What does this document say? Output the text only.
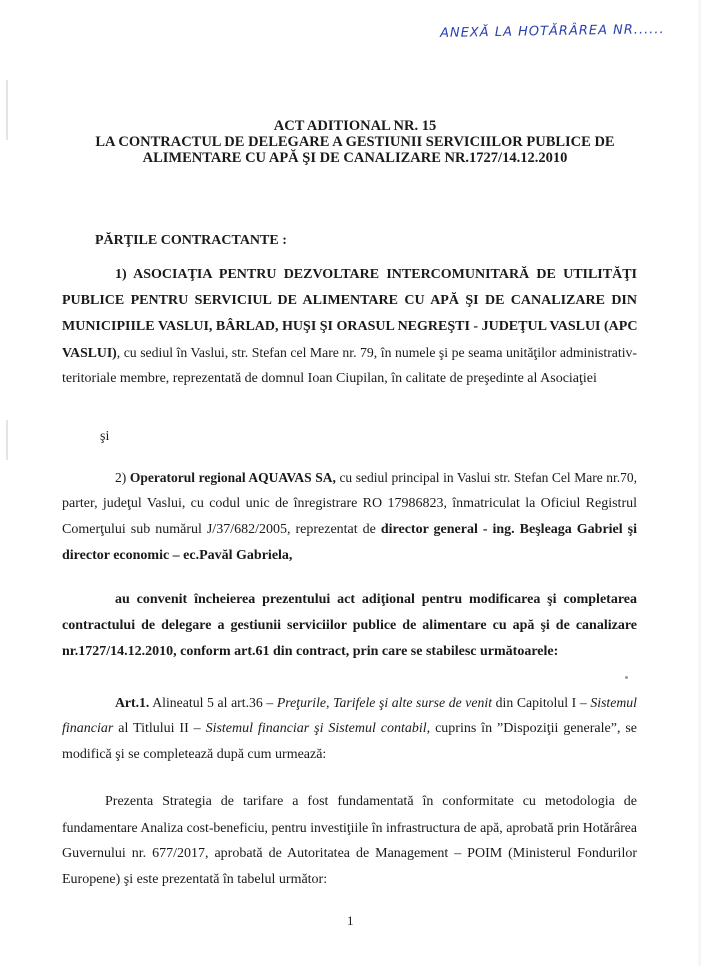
ANEXĂ LA HOTĂRÂREA NR......
ACT ADITIONAL NR. 15
LA CONTRACTUL DE DELEGARE A GESTIUNII SERVICIILOR PUBLICE DE
ALIMENTARE CU APĂ ŞI DE CANALIZARE NR.1727/14.12.2010
PĂRŢILE CONTRACTANTE :
1) ASOCIAŢIA PENTRU DEZVOLTARE INTERCOMUNITARĂ DE UTILITĂŢI
PUBLICE PENTRU SERVICIUL DE ALIMENTARE CU APĂ ŞI DE CANALIZARE DIN
MUNICIPIILE VASLUI, BÂRLAD, HUŞI ŞI ORASUL NEGREŞTI - JUDEŢUL VASLUI (APC
VASLUI), cu sediul în Vaslui, str. Stefan cel Mare nr. 79, în numele şi pe seama unităţilor administrativ-
teritoriale membre, reprezentată de domnul Ioan Ciupilan, în calitate de preşedinte al Asociaţiei
şi
2) Operatorul regional AQUAVAS SA, cu sediul principal in Vaslui str. Stefan Cel Mare nr.70,
parter, judeţul Vaslui, cu codul unic de înregistrare RO 17986823, înmatriculat la Oficiul Registrul
Comerţului sub numărul J/37/682/2005, reprezentat de director general - ing. Beşleaga Gabriel şi
director economic – ec.Pavăl Gabriela,
au convenit încheierea prezentului act adiţional pentru modificarea şi completarea
contractului de delegare a gestiunii serviciilor publice de alimentare cu apă şi de canalizare
nr.1727/14.12.2010, conform art.61 din contract, prin care se stabilesc următoarele:
Art.1. Alineatul 5 al art.36 – Preţurile, Tarifele şi alte surse de venit din Capitolul I – Sistemul
financiar al Titlului II – Sistemul financiar şi Sistemul contabil, cuprins în ”Dispoziţii generale”, se
modifică şi se completează după cum urmează:
Prezenta Strategia de tarifare a fost fundamentată în conformitate cu metodologia de
fundamentare Analiza cost-beneficiu, pentru investiţiile în infrastructura de apă, aprobată prin Hotărârea
Guvernului nr. 677/2017, aprobată de Autoritatea de Management – POIM (Ministerul Fondurilor
Europene) şi este prezentată în tabelul următor:
1
